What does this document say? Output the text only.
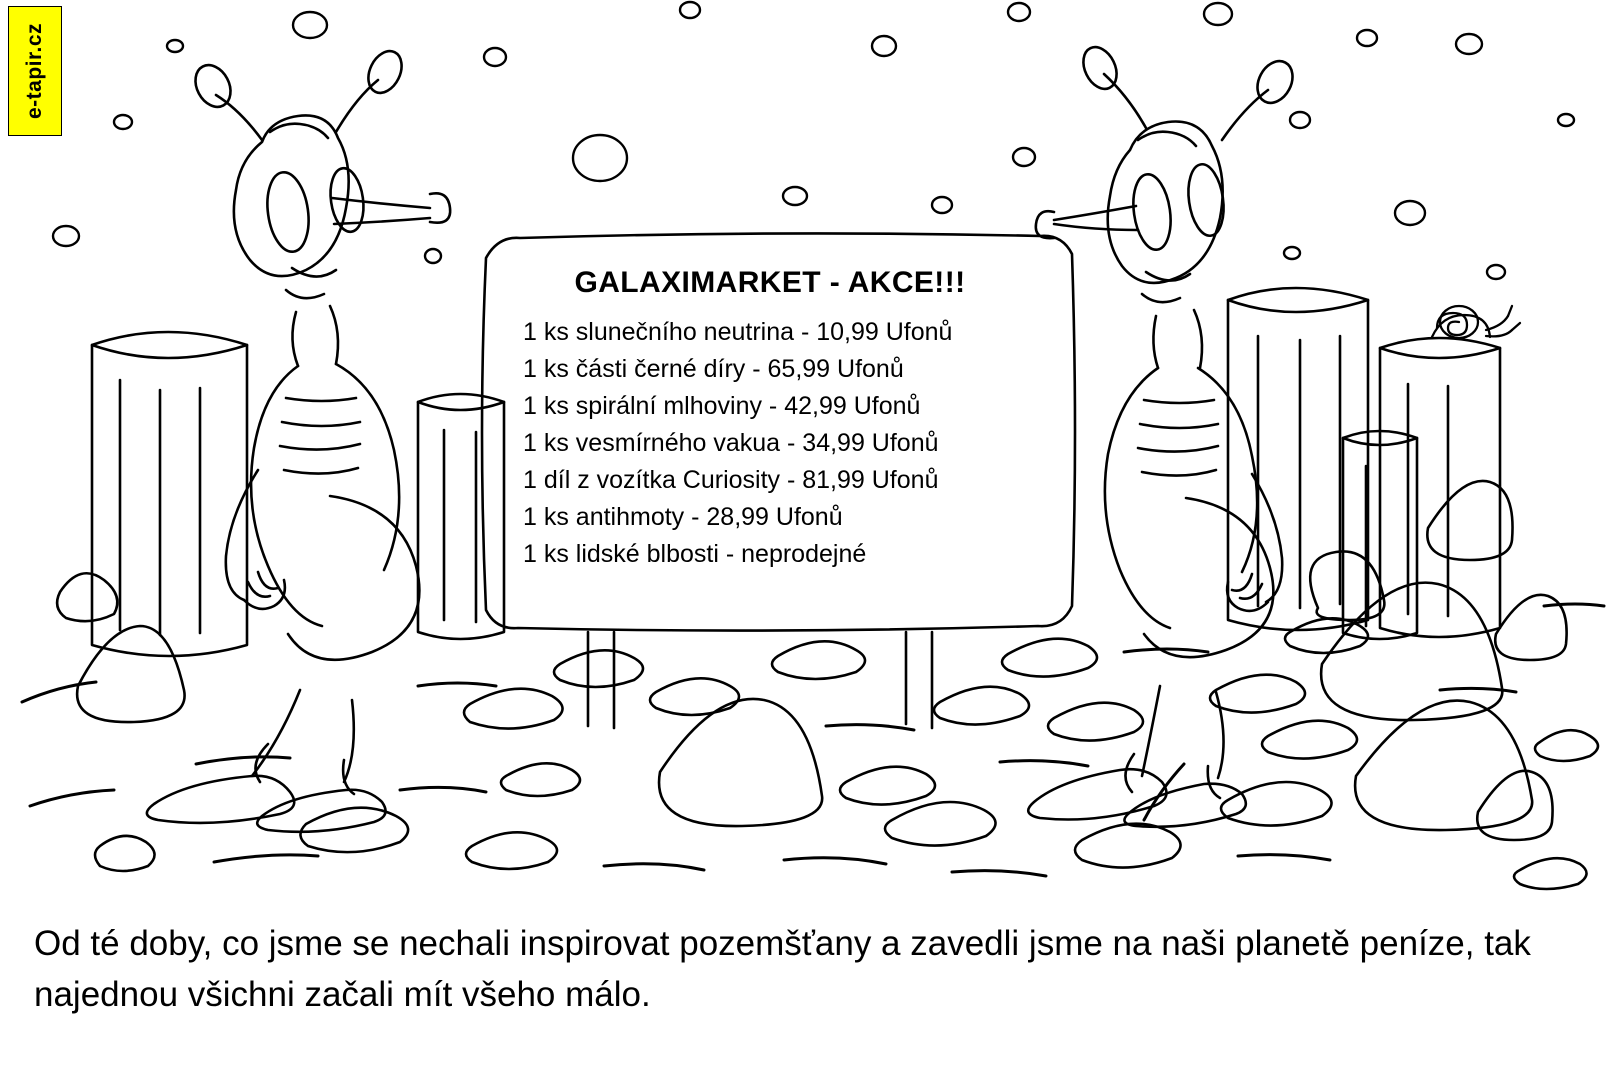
e-tapir.cz
GALAXIMARKET - AKCE!!!
1 ks slunečního neutrina - 10,99 Ufonů
1 ks části černé díry - 65,99 Ufonů
1 ks spirální mlhoviny - 42,99 Ufonů
1 ks vesmírného vakua - 34,99 Ufonů
1 díl z vozítka Curiosity - 81,99 Ufonů
1 ks antihmoty - 28,99 Ufonů
1 ks lidské blbosti - neprodejné

Od té doby, co jsme se nechali inspirovat pozemšťany a zavedli jsme na naši planetě peníze, tak najednou všichni začali mít všeho málo.
